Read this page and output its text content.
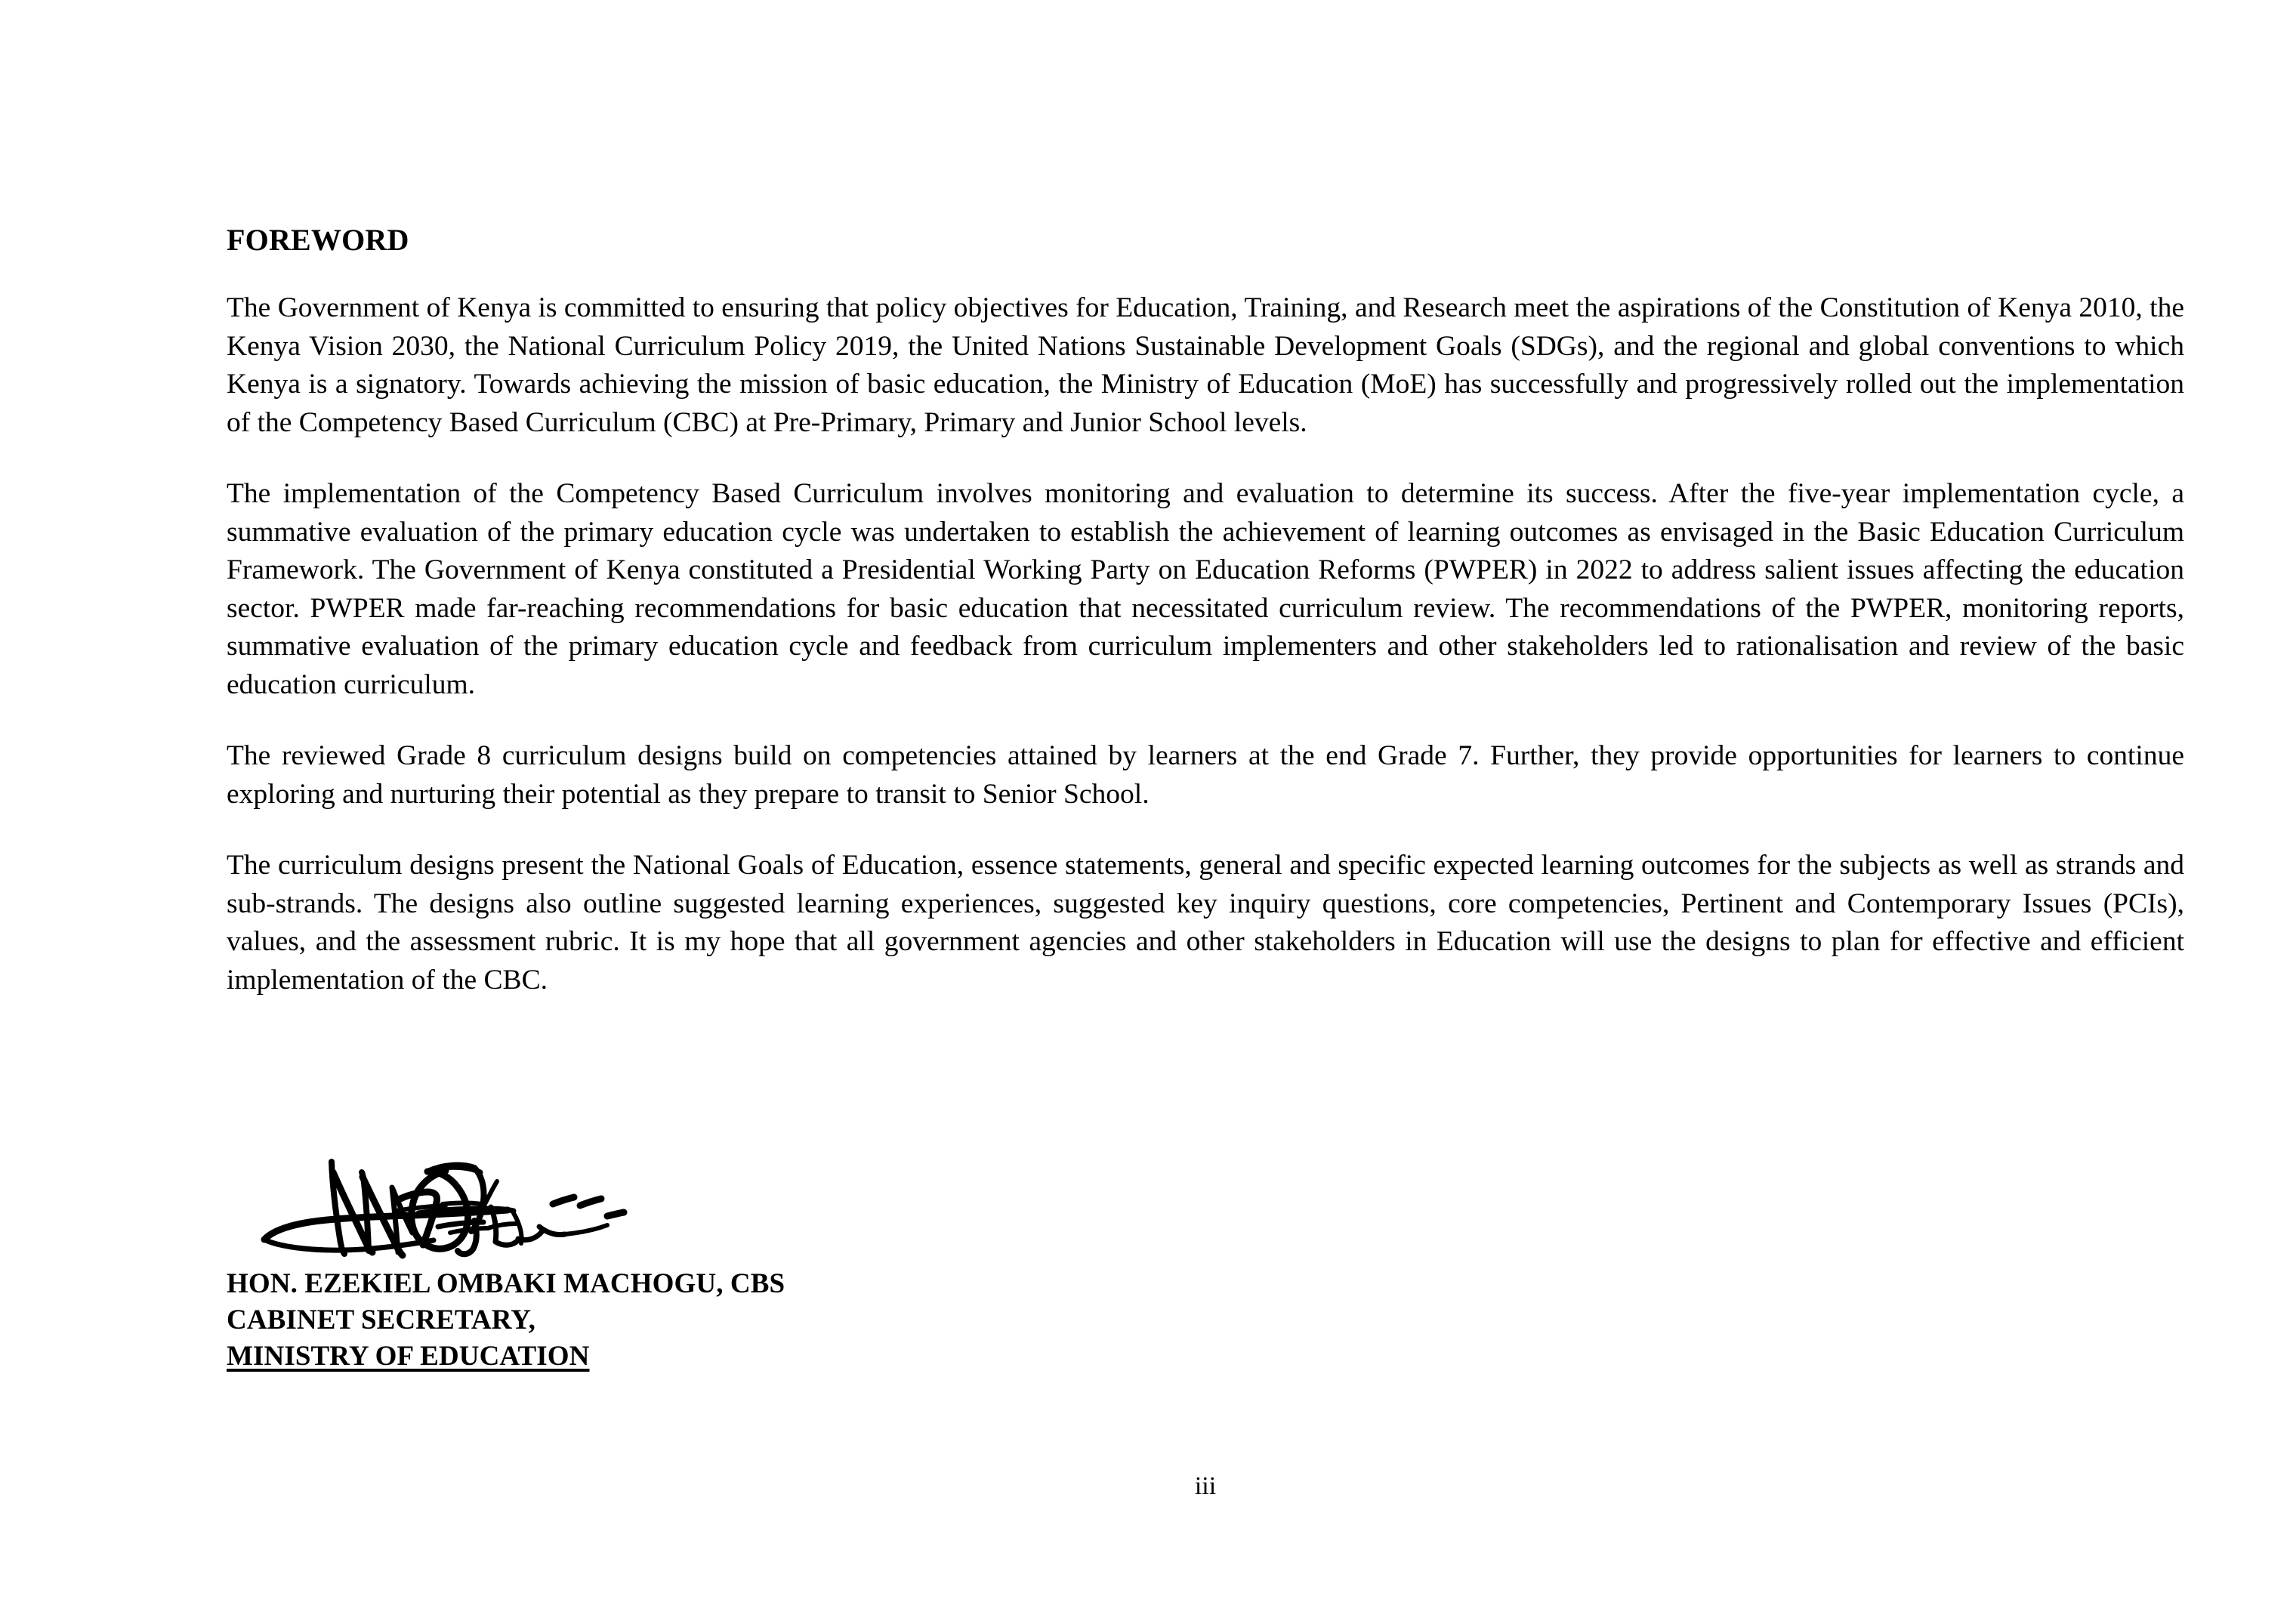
FOREWORD

The Government of Kenya is committed to ensuring that policy objectives for Education, Training, and Research meet the aspirations of the Constitution of Kenya 2010, the Kenya Vision 2030, the National Curriculum Policy 2019, the United Nations Sustainable Development Goals (SDGs), and the regional and global conventions to which Kenya is a signatory. Towards achieving the mission of basic education, the Ministry of Education (MoE) has successfully and progressively rolled out the implementation of the Competency Based Curriculum (CBC) at Pre-Primary, Primary and Junior School levels.

The implementation of the Competency Based Curriculum involves monitoring and evaluation to determine its success. After the five-year implementation cycle, a summative evaluation of the primary education cycle was undertaken to establish the achievement of learning outcomes as envisaged in the Basic Education Curriculum Framework. The Government of Kenya constituted a Presidential Working Party on Education Reforms (PWPER) in 2022 to address salient issues affecting the education sector. PWPER made far-reaching recommendations for basic education that necessitated curriculum review. The recommendations of the PWPER, monitoring reports, summative evaluation of the primary education cycle and feedback from curriculum implementers and other stakeholders led to rationalisation and review of the basic education curriculum.

The reviewed Grade 8 curriculum designs build on competencies attained by learners at the end Grade 7. Further, they provide opportunities for learners to continue exploring and nurturing their potential as they prepare to transit to Senior School.

The curriculum designs present the National Goals of Education, essence statements, general and specific expected learning outcomes for the subjects as well as strands and sub-strands. The designs also outline suggested learning experiences, suggested key inquiry questions, core competencies, Pertinent and Contemporary Issues (PCIs), values, and the assessment rubric. It is my hope that all government agencies and other stakeholders in Education will use the designs to plan for effective and efficient implementation of the CBC.

HON. EZEKIEL OMBAKI MACHOGU, CBS
CABINET SECRETARY,
MINISTRY OF EDUCATION
iii
